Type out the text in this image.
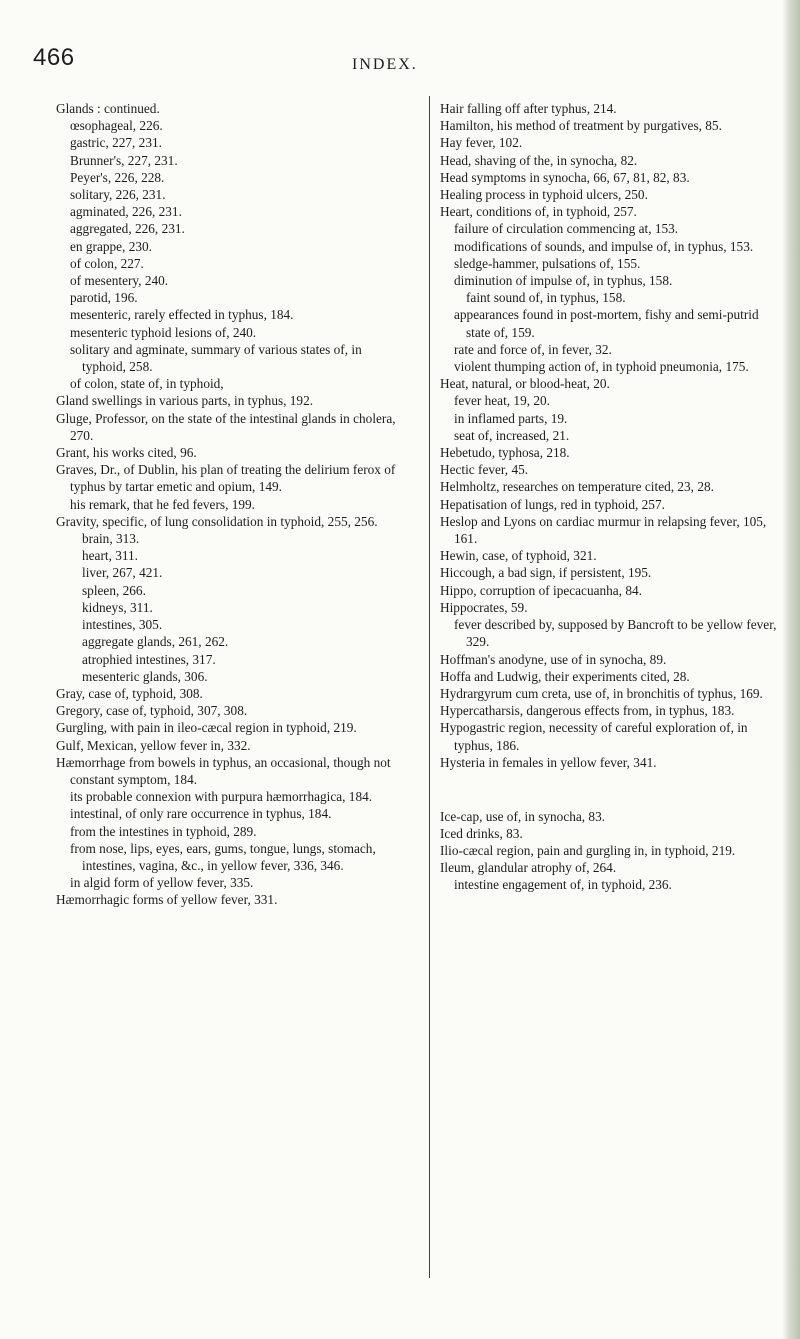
466	INDEX.

Glands : continued.

œsophageal, 226.

gastric, 227, 231.

Brunner's, 227, 231.

Peyer's, 226, 228.

solitary, 226, 231.

agminated, 226, 231.

aggregated, 226, 231.

en grappe, 230.

of colon, 227.

of mesentery, 240.

parotid, 196.

mesenteric, rarely effected in typhus, 184.

mesenteric typhoid lesions of, 240.

solitary and agminate, summary of various states of, in typhoid, 258.

of colon, state of, in typhoid,

Gland swellings in various parts, in typhus, 192.

Gluge, Professor, on the state of the intestinal glands in cholera, 270.

Grant, his works cited, 96.

Graves, Dr., of Dublin, his plan of treating the delirium ferox of typhus by tartar emetic and opium, 149.

his remark, that he fed fevers, 199.

Gravity, specific, of lung consolidation in typhoid, 255, 256.

brain, 313.

heart, 311.

liver, 267, 421.

spleen, 266.

kidneys, 311.

intestines, 305.

aggregate glands, 261, 262.

atrophied intestines, 317.

mesenteric glands, 306.

Gray, case of, typhoid, 308.

Gregory, case of, typhoid, 307, 308.

Gurgling, with pain in ileo-cæcal region in typhoid, 219.

Gulf, Mexican, yellow fever in, 332.

Hæmorrhage from bowels in typhus, an occasional, though not constant symptom, 184.

its probable connexion with purpura hæmorrhagica, 184.

intestinal, of only rare occurrence in typhus, 184.

from the intestines in typhoid, 289.

from nose, lips, eyes, ears, gums, tongue, lungs, stomach, intestines, vagina, &c., in yellow fever, 336, 346.

in algid form of yellow fever, 335.

Hæmorrhagic forms of yellow fever, 331.

Hair falling off after typhus, 214.

Hamilton, his method of treatment by purgatives, 85.

Hay fever, 102.

Head, shaving of the, in synocha, 82.

Head symptoms in synocha, 66, 67, 81, 82, 83.

Healing process in typhoid ulcers, 250.

Heart, conditions of, in typhoid, 257.

failure of circulation commencing at, 153.

modifications of sounds, and impulse of, in typhus, 153.

sledge-hammer, pulsations of, 155.

diminution of impulse of, in typhus, 158.

faint sound of, in typhus, 158.

appearances found in post-mortem, fishy and semi-putrid state of, 159.

rate and force of, in fever, 32.

violent thumping action of, in typhoid pneumonia, 175.

Heat, natural, or blood-heat, 20.

fever heat, 19, 20.

in inflamed parts, 19.

seat of, increased, 21.

Hebetudo, typhosa, 218.

Hectic fever, 45.

Helmholtz, researches on temperature cited, 23, 28.

Hepatisation of lungs, red in typhoid, 257.

Heslop and Lyons on cardiac murmur in relapsing fever, 105, 161.

Hewin, case, of typhoid, 321.

Hiccough, a bad sign, if persistent, 195.

Hippo, corruption of ipecacuanha, 84.

Hippocrates, 59.

fever described by, supposed by Bancroft to be yellow fever, 329.

Hoffman's anodyne, use of in synocha, 89.

Hoffa and Ludwig, their experiments cited, 28.

Hydrargyrum cum creta, use of, in bronchitis of typhus, 169.

Hypercatharsis, dangerous effects from, in typhus, 183.

Hypogastric region, necessity of careful exploration of, in typhus, 186.

Hysteria in females in yellow fever, 341.

Ice-cap, use of, in synocha, 83.

Iced drinks, 83.

Ilio-cæcal region, pain and gurgling in, in typhoid, 219.

Ileum, glandular atrophy of, 264.

intestine engagement of, in typhoid, 236.
